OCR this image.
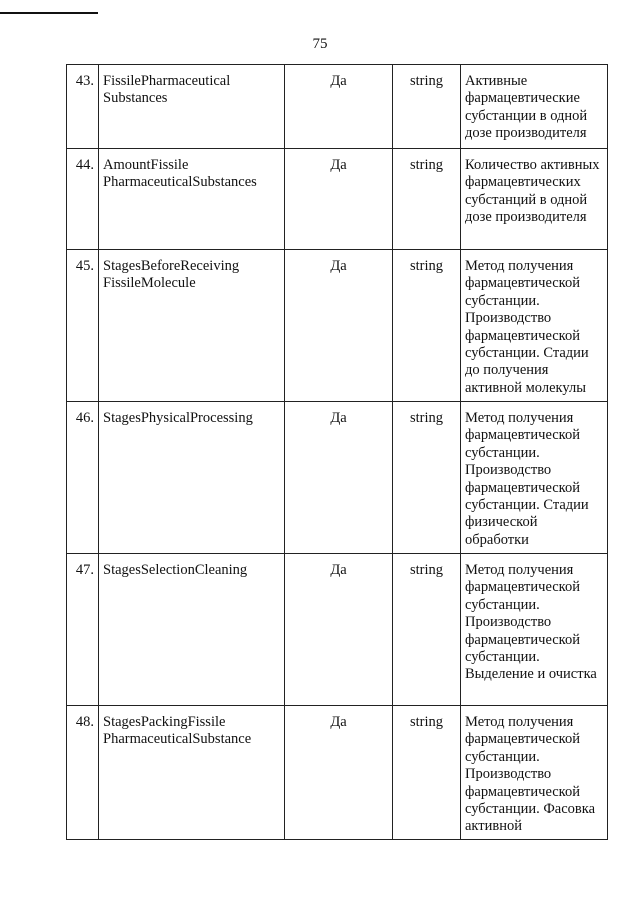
75
43.	FissilePharmaceutical Substances	Да	string	Активные фармацевтические субстанции в одной дозе производителя
44.	AmountFissile PharmaceuticalSubstances	Да	string	Количество активных фармацевтических субстанций в одной дозе производителя
45.	StagesBeforeReceiving FissileMolecule	Да	string	Метод получения фармацевтической субстанции. Производство фармацевтической субстанции. Стадии до получения активной молекулы
46.	StagesPhysicalProcessing	Да	string	Метод получения фармацевтической субстанции. Производство фармацевтической субстанции. Стадии физической обработки
47.	StagesSelectionCleaning	Да	string	Метод получения фармацевтической субстанции. Производство фармацевтической субстанции. Выделение и очистка
48.	StagesPackingFissile PharmaceuticalSubstance	Да	string	Метод получения фармацевтической субстанции. Производство фармацевтической субстанции. Фасовка активной
